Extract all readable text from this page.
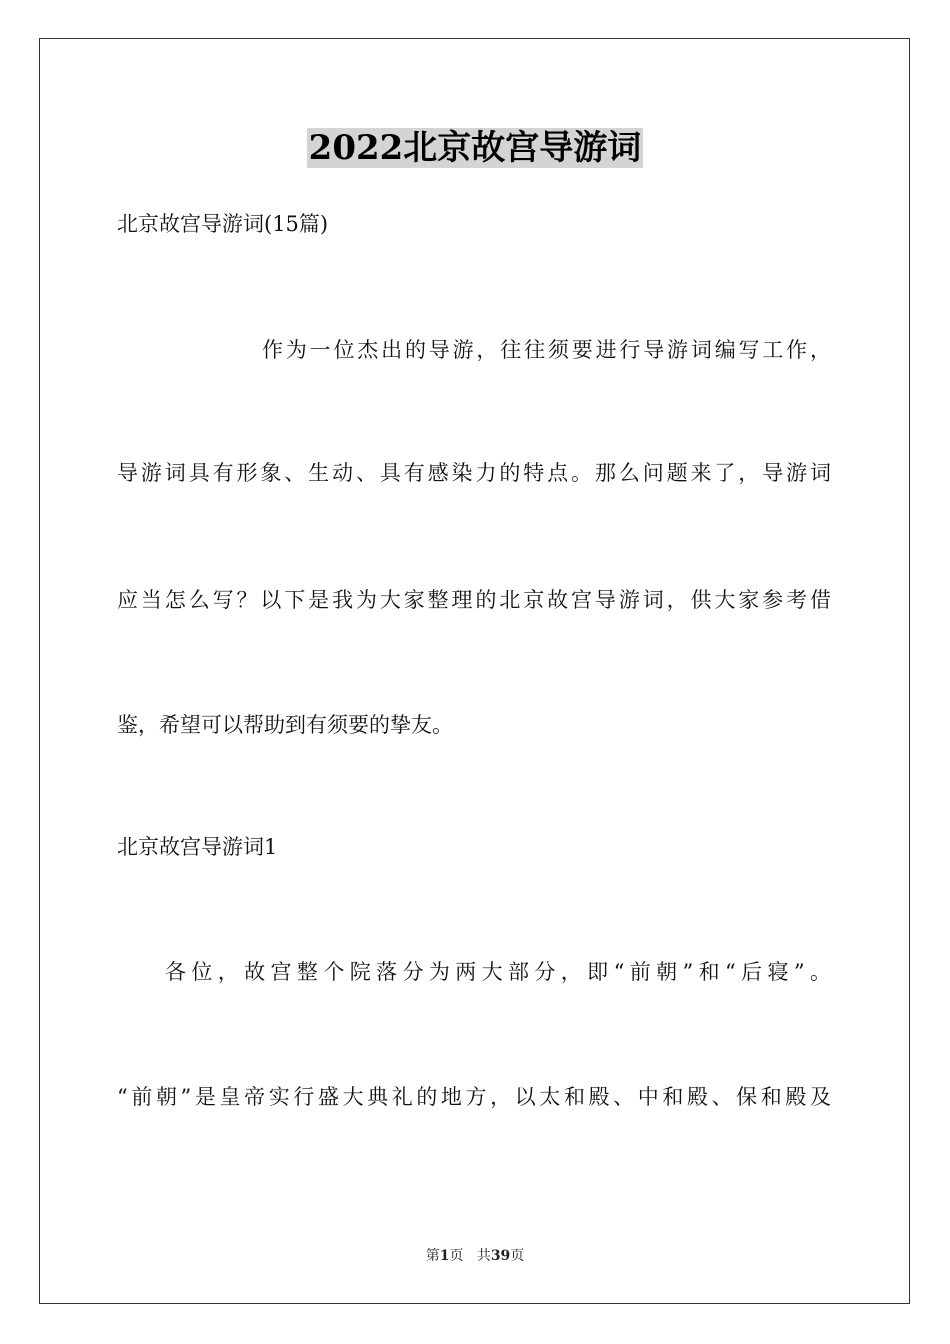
2022北京故宫导游词
北京故宫导游词(15篇)
作为一位杰出的导游，往往须要进行导游词编写工作，
导游词具有形象、生动、具有感染力的特点。那么问题来了，导游词
应当怎么写？以下是我为大家整理的北京故宫导游词，供大家参考借
鉴，希望可以帮助到有须要的挚友。
北京故宫导游词1
各位，故宫整个院落分为两大部分，即“前朝”和“后寝”。
“前朝”是皇帝实行盛大典礼的地方，以太和殿、中和殿、保和殿及
第1页 共39页
